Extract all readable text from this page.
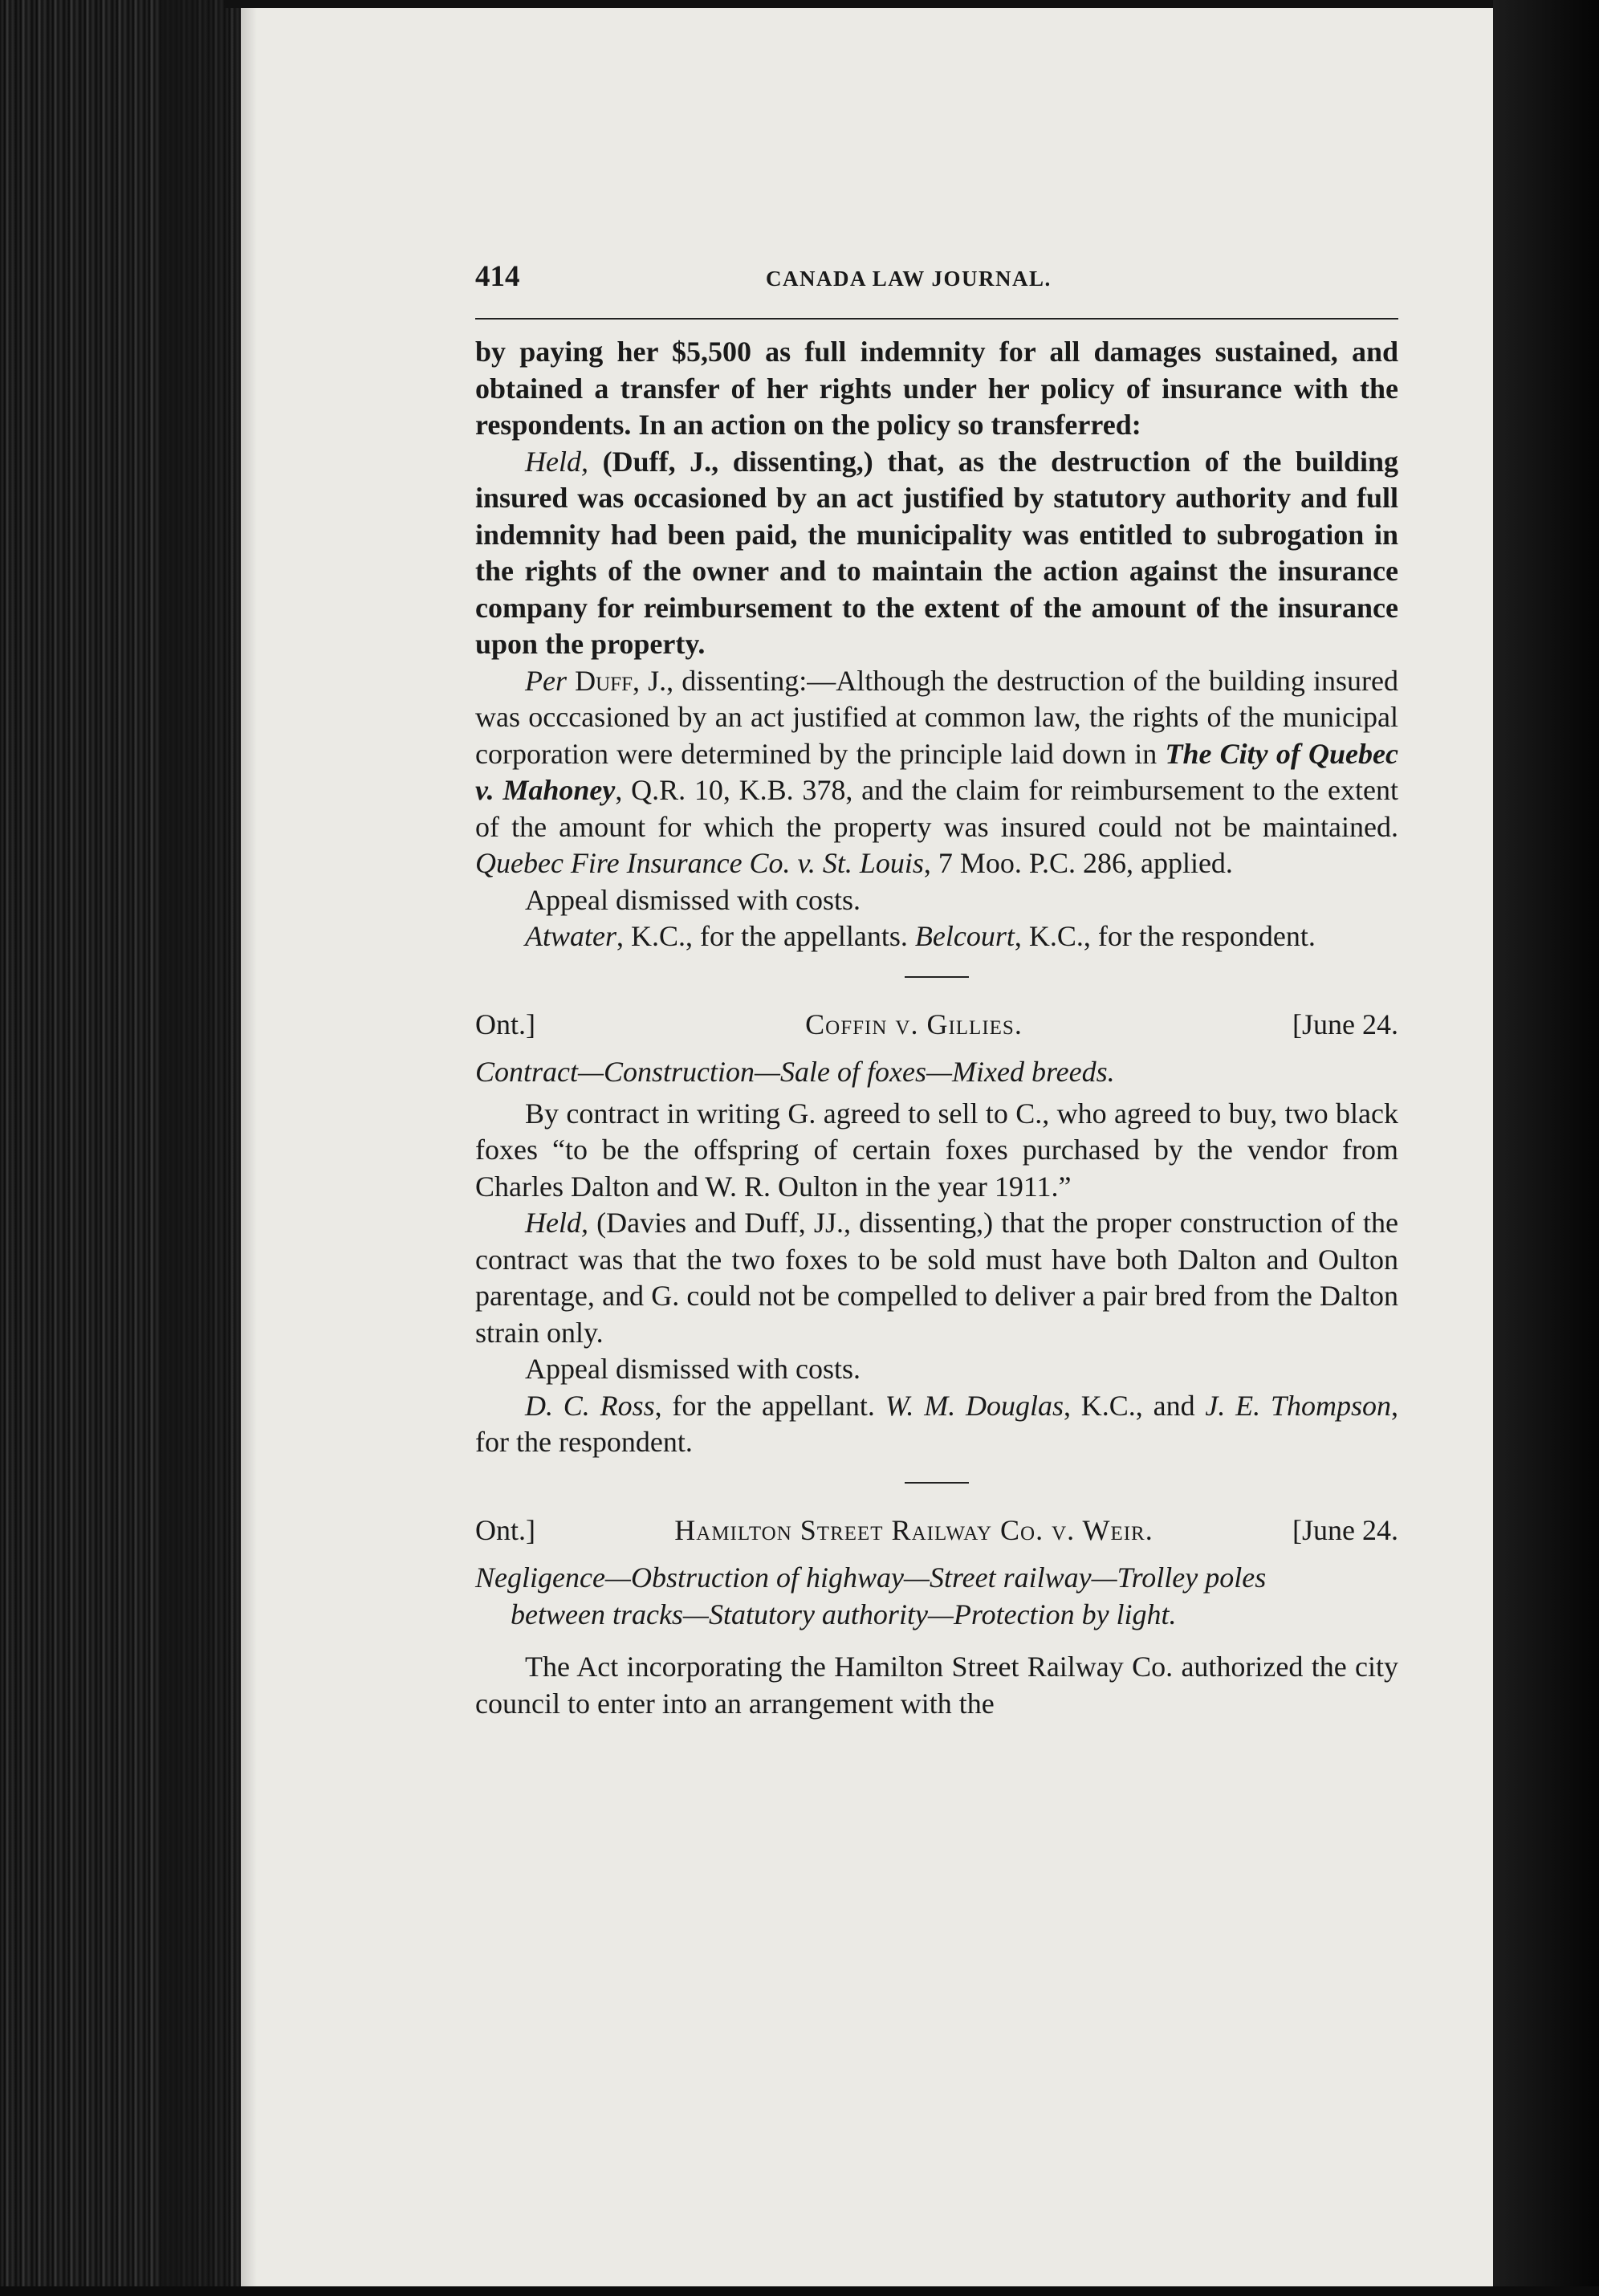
414	CANADA LAW JOURNAL.

by paying her $5,500 as full indemnity for all damages sustained, and obtained a transfer of her rights under her policy of insurance with the respondents. In an action on the policy so transferred:

Held, (Duff, J., dissenting,) that, as the destruction of the building insured was occasioned by an act justified by statutory authority and full indemnity had been paid, the municipality was entitled to subrogation in the rights of the owner and to maintain the action against the insurance company for reimbursement to the extent of the amount of the insurance upon the property.

Per Duff, J., dissenting:—Although the destruction of the building insured was occcasioned by an act justified at common law, the rights of the municipal corporation were determined by the principle laid down in The City of Quebec v. Mahoney, Q.R. 10, K.B. 378, and the claim for reimbursement to the extent of the amount for which the property was insured could not be maintained. Quebec Fire Insurance Co. v. St. Louis, 7 Moo. P.C. 286, applied.

Appeal dismissed with costs.

Atwater, K.C., for the appellants. Belcourt, K.C., for the respondent.

Ont.]	Coffin v. Gillies.	[June 24.

Contract—Construction—Sale of foxes—Mixed breeds.

By contract in writing G. agreed to sell to C., who agreed to buy, two black foxes “to be the offspring of certain foxes purchased by the vendor from Charles Dalton and W. R. Oulton in the year 1911.”

Held, (Davies and Duff, JJ., dissenting,) that the proper construction of the contract was that the two foxes to be sold must have both Dalton and Oulton parentage, and G. could not be compelled to deliver a pair bred from the Dalton strain only.

Appeal dismissed with costs.

D. C. Ross, for the appellant. W. M. Douglas, K.C., and J. E. Thompson, for the respondent.

Ont.]	Hamilton Street Railway Co. v. Weir.	[June 24.

Negligence—Obstruction of highway—Street railway—Trolley poles
between tracks—Statutory authority—Protection by light.

The Act incorporating the Hamilton Street Railway Co. authorized the city council to enter into an arrangement with the
